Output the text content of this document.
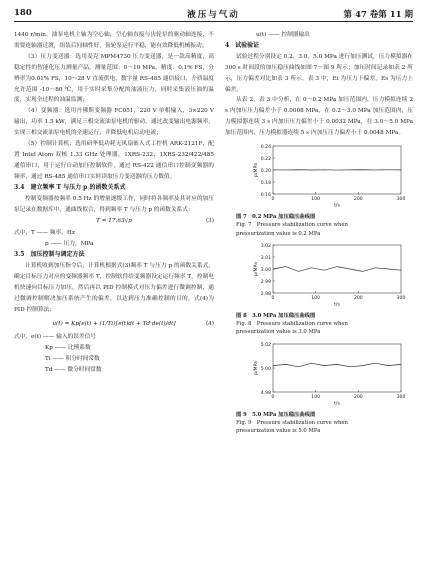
180	液压与气动	第 47 卷第 11 期

1440 r/min，油泵电机主轴为空心轴，空心轴直接与齿轮泵的驱动轴连接，不需要连轴器过渡，组装后同轴性好，齿轮泵运行平稳，能有效降低机械振动；

（3）压力变送器：选用麦克 MPM4730 压力变送器，是一款高精度、高稳定性的智能化压力测量产品，测量范围：0～10 MPa，精度：0.1% FS，分辨率为0.01% FS，10～28 V 直流供电，数字量 RS-485 通信接口，介质温度允许范围 -10～80 ℃，用于实时采集分配的油液压力，同时采集液压油的温度，实现全过程的油温监测；

（4）变频器：选用丹佛斯变频器 FC051，220 V 单相输入，3×220 V 输出，功率 1.5 kW，满足三相交流油泵电机的驱动，通过改变输出电源频率，实现三相交流油泵电机的全速运行，并降低电机启动电流；

（5）控制计算机：选用研华低功耗无风扇嵌入式工控机 ARK-2121F，配置 Intel Atom 双核 1.33 GHz 处理器，1XRS-232，1XRS-232/422/485 通信串口，用于运行自动加压控制软件，通过 RS-422 通信串口控制变频器的频率，通过 RS-485 通信串口实时读取压力变送器的压力数值。

3.4　建立频率 T 与压力 p 的函数关系式

控制变频器按频率 0.5 Hz 的增量逐级工作，同时将各频率及其对应的加压泵记录在数据库中，通曲线拟合，得到频率 T 与压力 p 的函数关系式：

T = 17.63√p	(3)

式中，T —— 频率，Hz

p —— 压力，MPa

3.5　加压控制与调定方法

计算机收到加压指令后，计算机根据式(3)频率 T 与压力 p 的函数关系式，确定目标压力对应的变频器频率 T，控制软件给变频器设定运行频率 T，控制电机快速向目标压力加压，然后再以 PID 控制模式对压力偏差进行微调控制，通过微调控制解决加压系统产生的偏差，以达到压力准确控制的目的，式(4)为 PID 控制算法：

u(t) = Kp[e(t) + (1/Ti)∫e(t)dt + Td·de(t)/dt]	(4)

式中，e(t) —— 输入的误差信号

Kp —— 比例系数

Ti —— 积分时间常数

Td —— 微分时间常数

u(t) —— 控制器输出

4　试验验证

试验过程分别设定 0.2、3.0、5.0 MPa 进行加压测试，压力模拟器在 300 s 时间段的加压稳压曲线如图 7～图 9 所示；加压时间记录如表 2 所示，压力偏差对比如表 3 所示。表 3 中，Ei 为压力下偏差，Es 为压力上偏差。

从表 2、表 3 中分析，在 0～0.2 MPa 加压范围内，压力模拟连续 2 s 内加压压力偏差小于 0.0008 MPa，在 0.2～3.0 MPa 加压范围内，压力模拟器连续 3 s 内加压压力偏差小于 0.0032 MPa，在 3.0～5.0 MPa 加压范围内，压力模拟器连续 5 s 内加压压力偏差小于 0.0048 MPa。

0.24
0.22
0.20
0.18
0.16
0	100	200	300
t/s
p/MPa

图 7　0.2 MPa 加压稳压曲线图

Fig. 7　Pressure stabilization curve when

pressurization value is 0.2 MPa

3.02
3.01
3.00
2.99
2.98
0	100	200	300
t/s
p/MPa

图 8　3.0 MPa 加压稳压曲线图

Fig. 8　Pressure stabilization curve when

pressurization value is 3.0 MPa

5.02
5.00
4.98
0	100	200	300
t/s
p/MPa

图 9　5.0 MPa 加压稳压曲线图

Fig. 9　Pressure stabilization curve when

pressurization value is 5.0 MPa
